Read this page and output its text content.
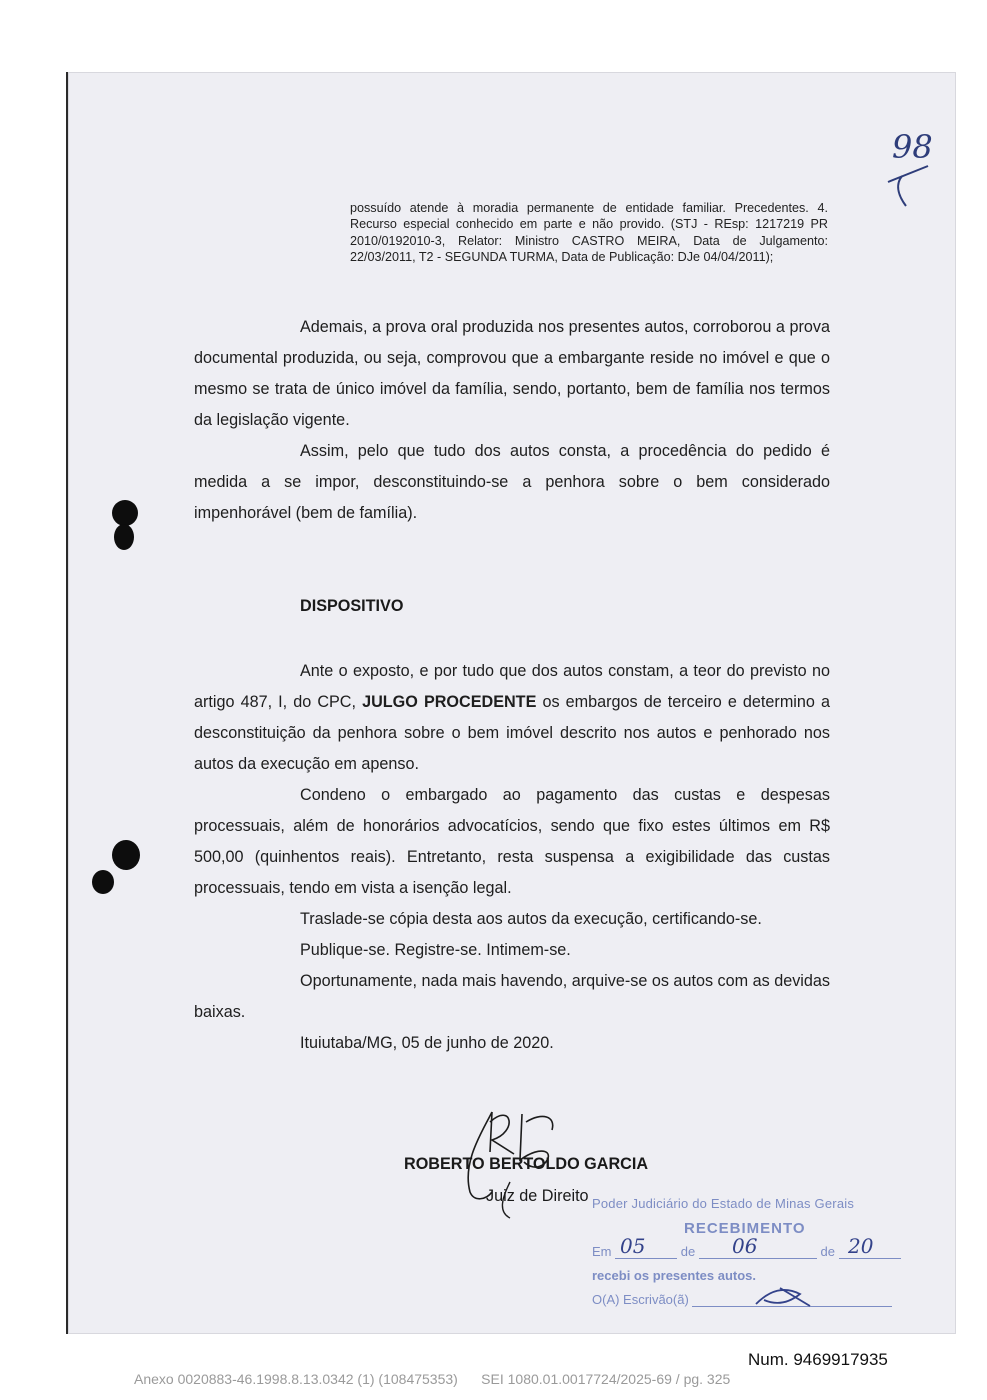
98

possuído atende à moradia permanente de entidade familiar. Precedentes. 4. Recurso especial conhecido em parte e não provido. (STJ - REsp: 1217219 PR 2010/0192010-3, Relator: Ministro CASTRO MEIRA, Data de Julgamento: 22/03/2011, T2 - SEGUNDA TURMA, Data de Publicação: DJe 04/04/2011);

Ademais, a prova oral produzida nos presentes autos, corroborou a prova documental produzida, ou seja, comprovou que a embargante reside no imóvel e que o mesmo se trata de único imóvel da família, sendo, portanto, bem de família nos termos da legislação vigente.

Assim, pelo que tudo dos autos consta, a procedência do pedido é medida a se impor, desconstituindo-se a penhora sobre o bem considerado impenhorável (bem de família).

DISPOSITIVO

Ante o exposto, e por tudo que dos autos constam, a teor do previsto no artigo 487, I, do CPC, JULGO PROCEDENTE os embargos de terceiro e determino a desconstituição da penhora sobre o bem imóvel descrito nos autos e penhorado nos autos da execução em apenso.

Condeno o embargado ao pagamento das custas e despesas processuais, além de honorários advocatícios, sendo que fixo estes últimos em R$ 500,00 (quinhentos reais). Entretanto, resta suspensa a exigibilidade das custas processuais, tendo em vista a isenção legal.

Traslade-se cópia desta aos autos da execução, certificando-se.

Publique-se. Registre-se. Intimem-se.

Oportunamente, nada mais havendo, arquive-se os autos com as devidas baixas.

Ituiutaba/MG, 05 de junho de 2020.

ROBERTO BERTOLDO GARCIA
Juiz de Direito Poder Judiciário do Estado de Minas Gerais
RECEBIMENTO
Em	de	de
05	06	20
recebi os presentes autos.
O(A) Escrivão(ã)
Num. 9469917935
Anexo 0020883-46.1998.8.13.0342 (1) (108475353) SEI 1080.01.0017724/2025-69 / pg. 325
